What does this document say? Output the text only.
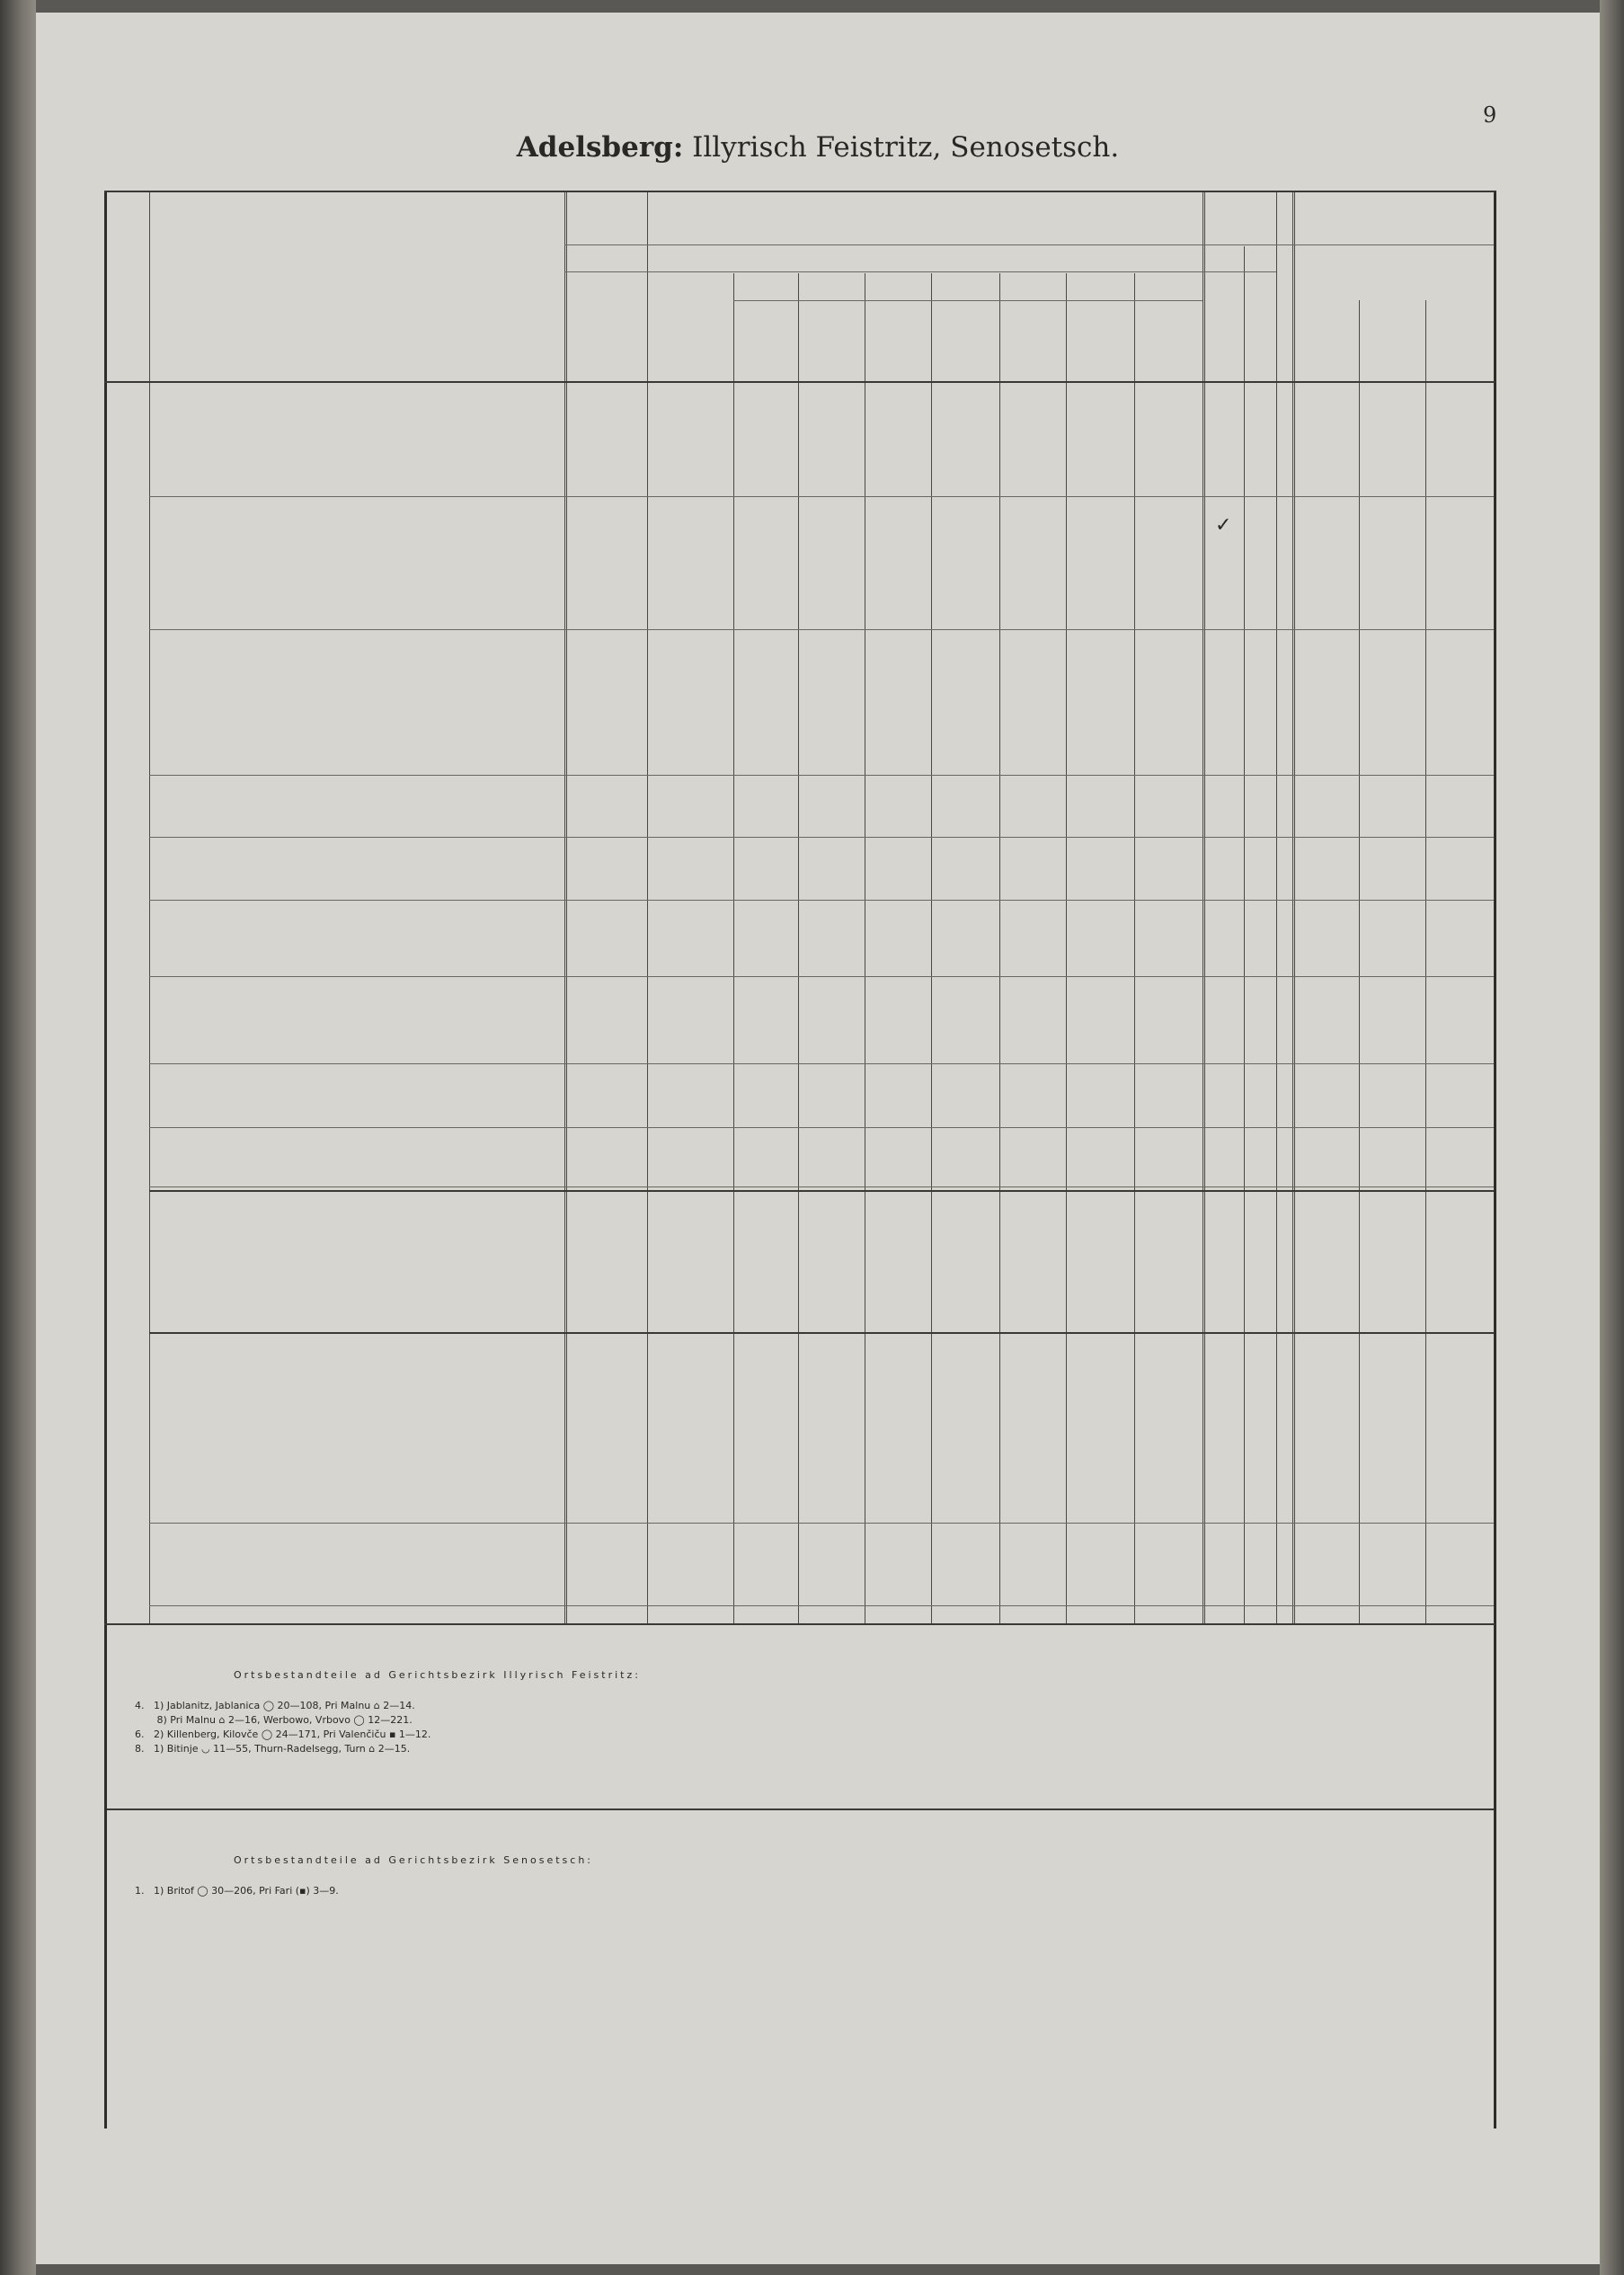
9
Adelsberg: Illyrisch Feistritz, Senosetsch.
✓
Ortsbestandteile ad Gerichtsbezirk Illyrisch Feistritz:
4.   1) Jablanitz, Jablanica ◯ 20—108, Pri Malnu ⌂ 2—14.
8) Pri Malnu ⌂ 2—16, Werbowo, Vrbovo ◯ 12—221.
6.   2) Killenberg, Kilovče ◯ 24—171, Pri Valenčiču ▪ 1—12.
8.   1) Bitinje ◡ 11—55, Thurn-Radelsegg, Turn ⌂ 2—15.
Ortsbestandteile ad Gerichtsbezirk Senosetsch:
1.   1) Britof ◯ 30—206, Pri Fari (▪) 3—9.
